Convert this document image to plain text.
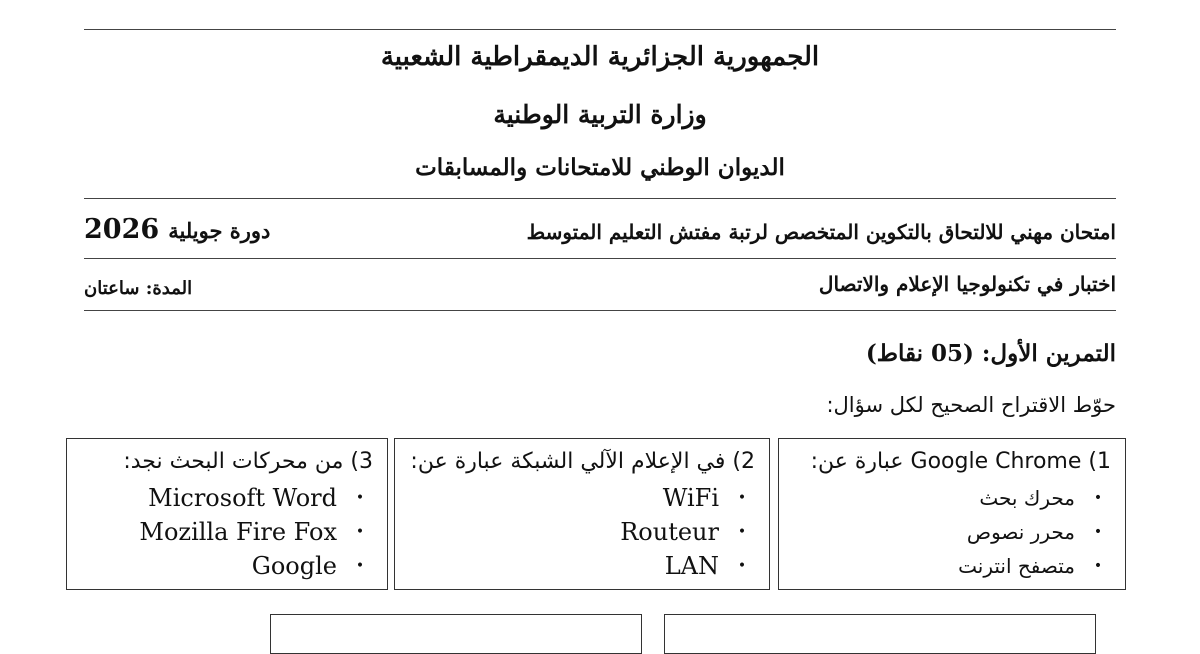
الجمهورية الجزائرية الديمقراطية الشعبية
وزارة التربية الوطنية
الديوان الوطني للامتحانات والمسابقات
امتحان مهني للالتحاق بالتكوين المتخصص لرتبة مفتش التعليم المتوسط
دورة جويلية 2026
اختبار في تكنولوجيا الإعلام والاتصال
المدة: ساعتان
التمرين الأول: (05 نقاط)
حوّط الاقتراح الصحيح لكل سؤال:
1) Google Chrome عبارة عن:
•
محرك بحث
•
محرر نصوص
•
متصفح انترنت
2) في الإعلام الآلي الشبكة عبارة عن:
•
WiFi
•
Routeur
•
LAN
3) من محركات البحث نجد:
•
Microsoft Word
•
Mozilla Fire Fox
•
Google
